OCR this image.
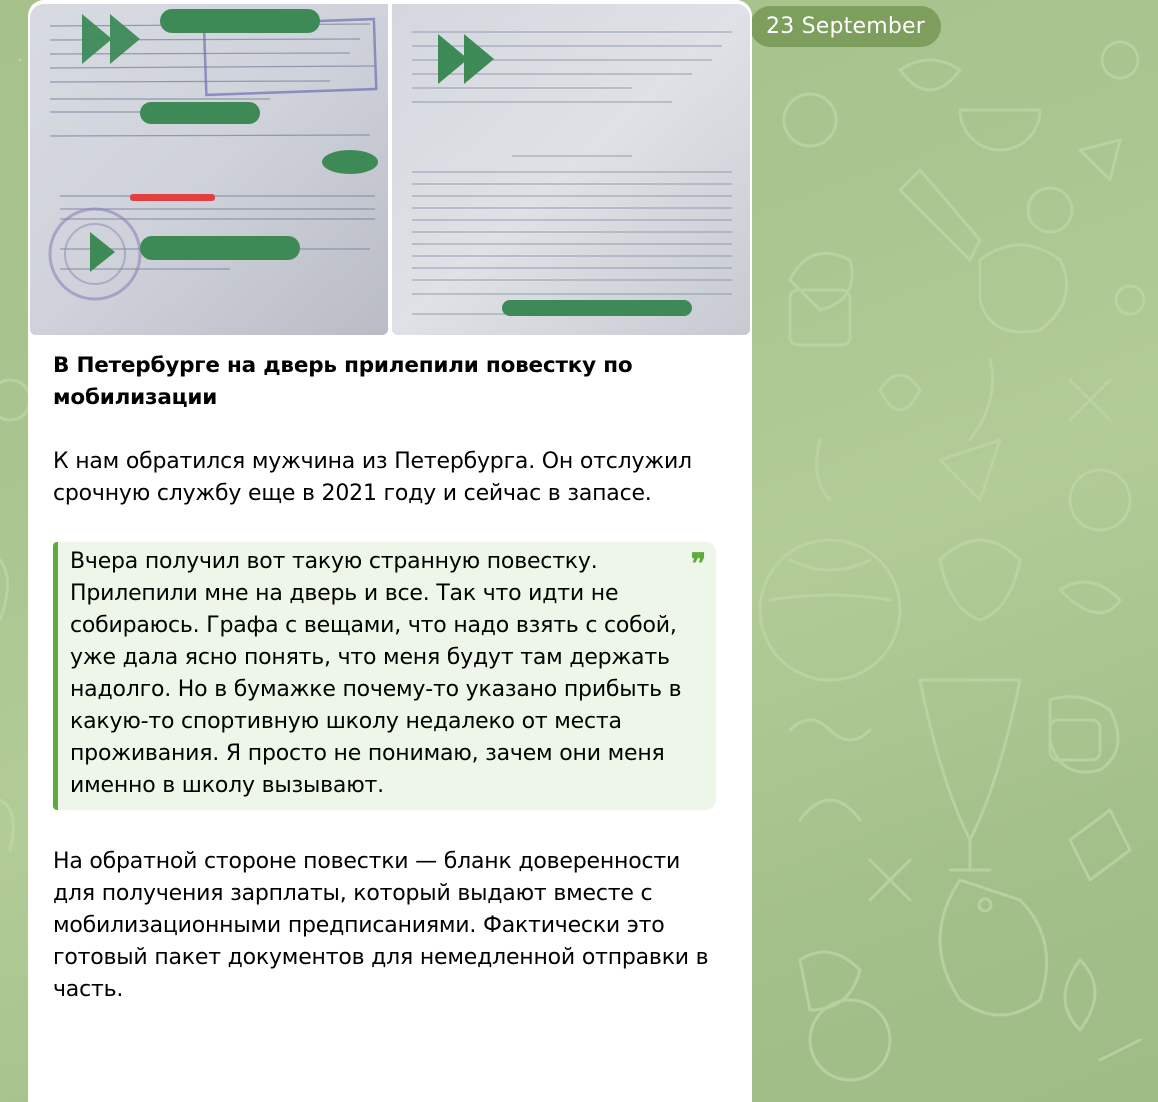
23 September
В Петербурге на дверь прилепили повестку по мобилизации
К нам обратился мужчина из Петербурга. Он отслужил срочную службу еще в 2021 году и сейчас в запасе.
❞
Вчера получил вот такую странную повестку. Прилепили мне на дверь и все. Так что идти не собираюсь. Графа с вещами, что надо взять с собой, уже дала ясно понять, что меня будут там держать надолго. Но в бумажке почему-то указано прибыть в какую-то спортивную школу недалеко от места проживания. Я просто не понимаю, зачем они меня именно в школу вызывают.
На обратной стороне повестки — бланк доверенности для получения зарплаты, который выдают вместе с мобилизационными предписаниями. Фактически это готовый пакет документов для немедленной отправки в часть.
